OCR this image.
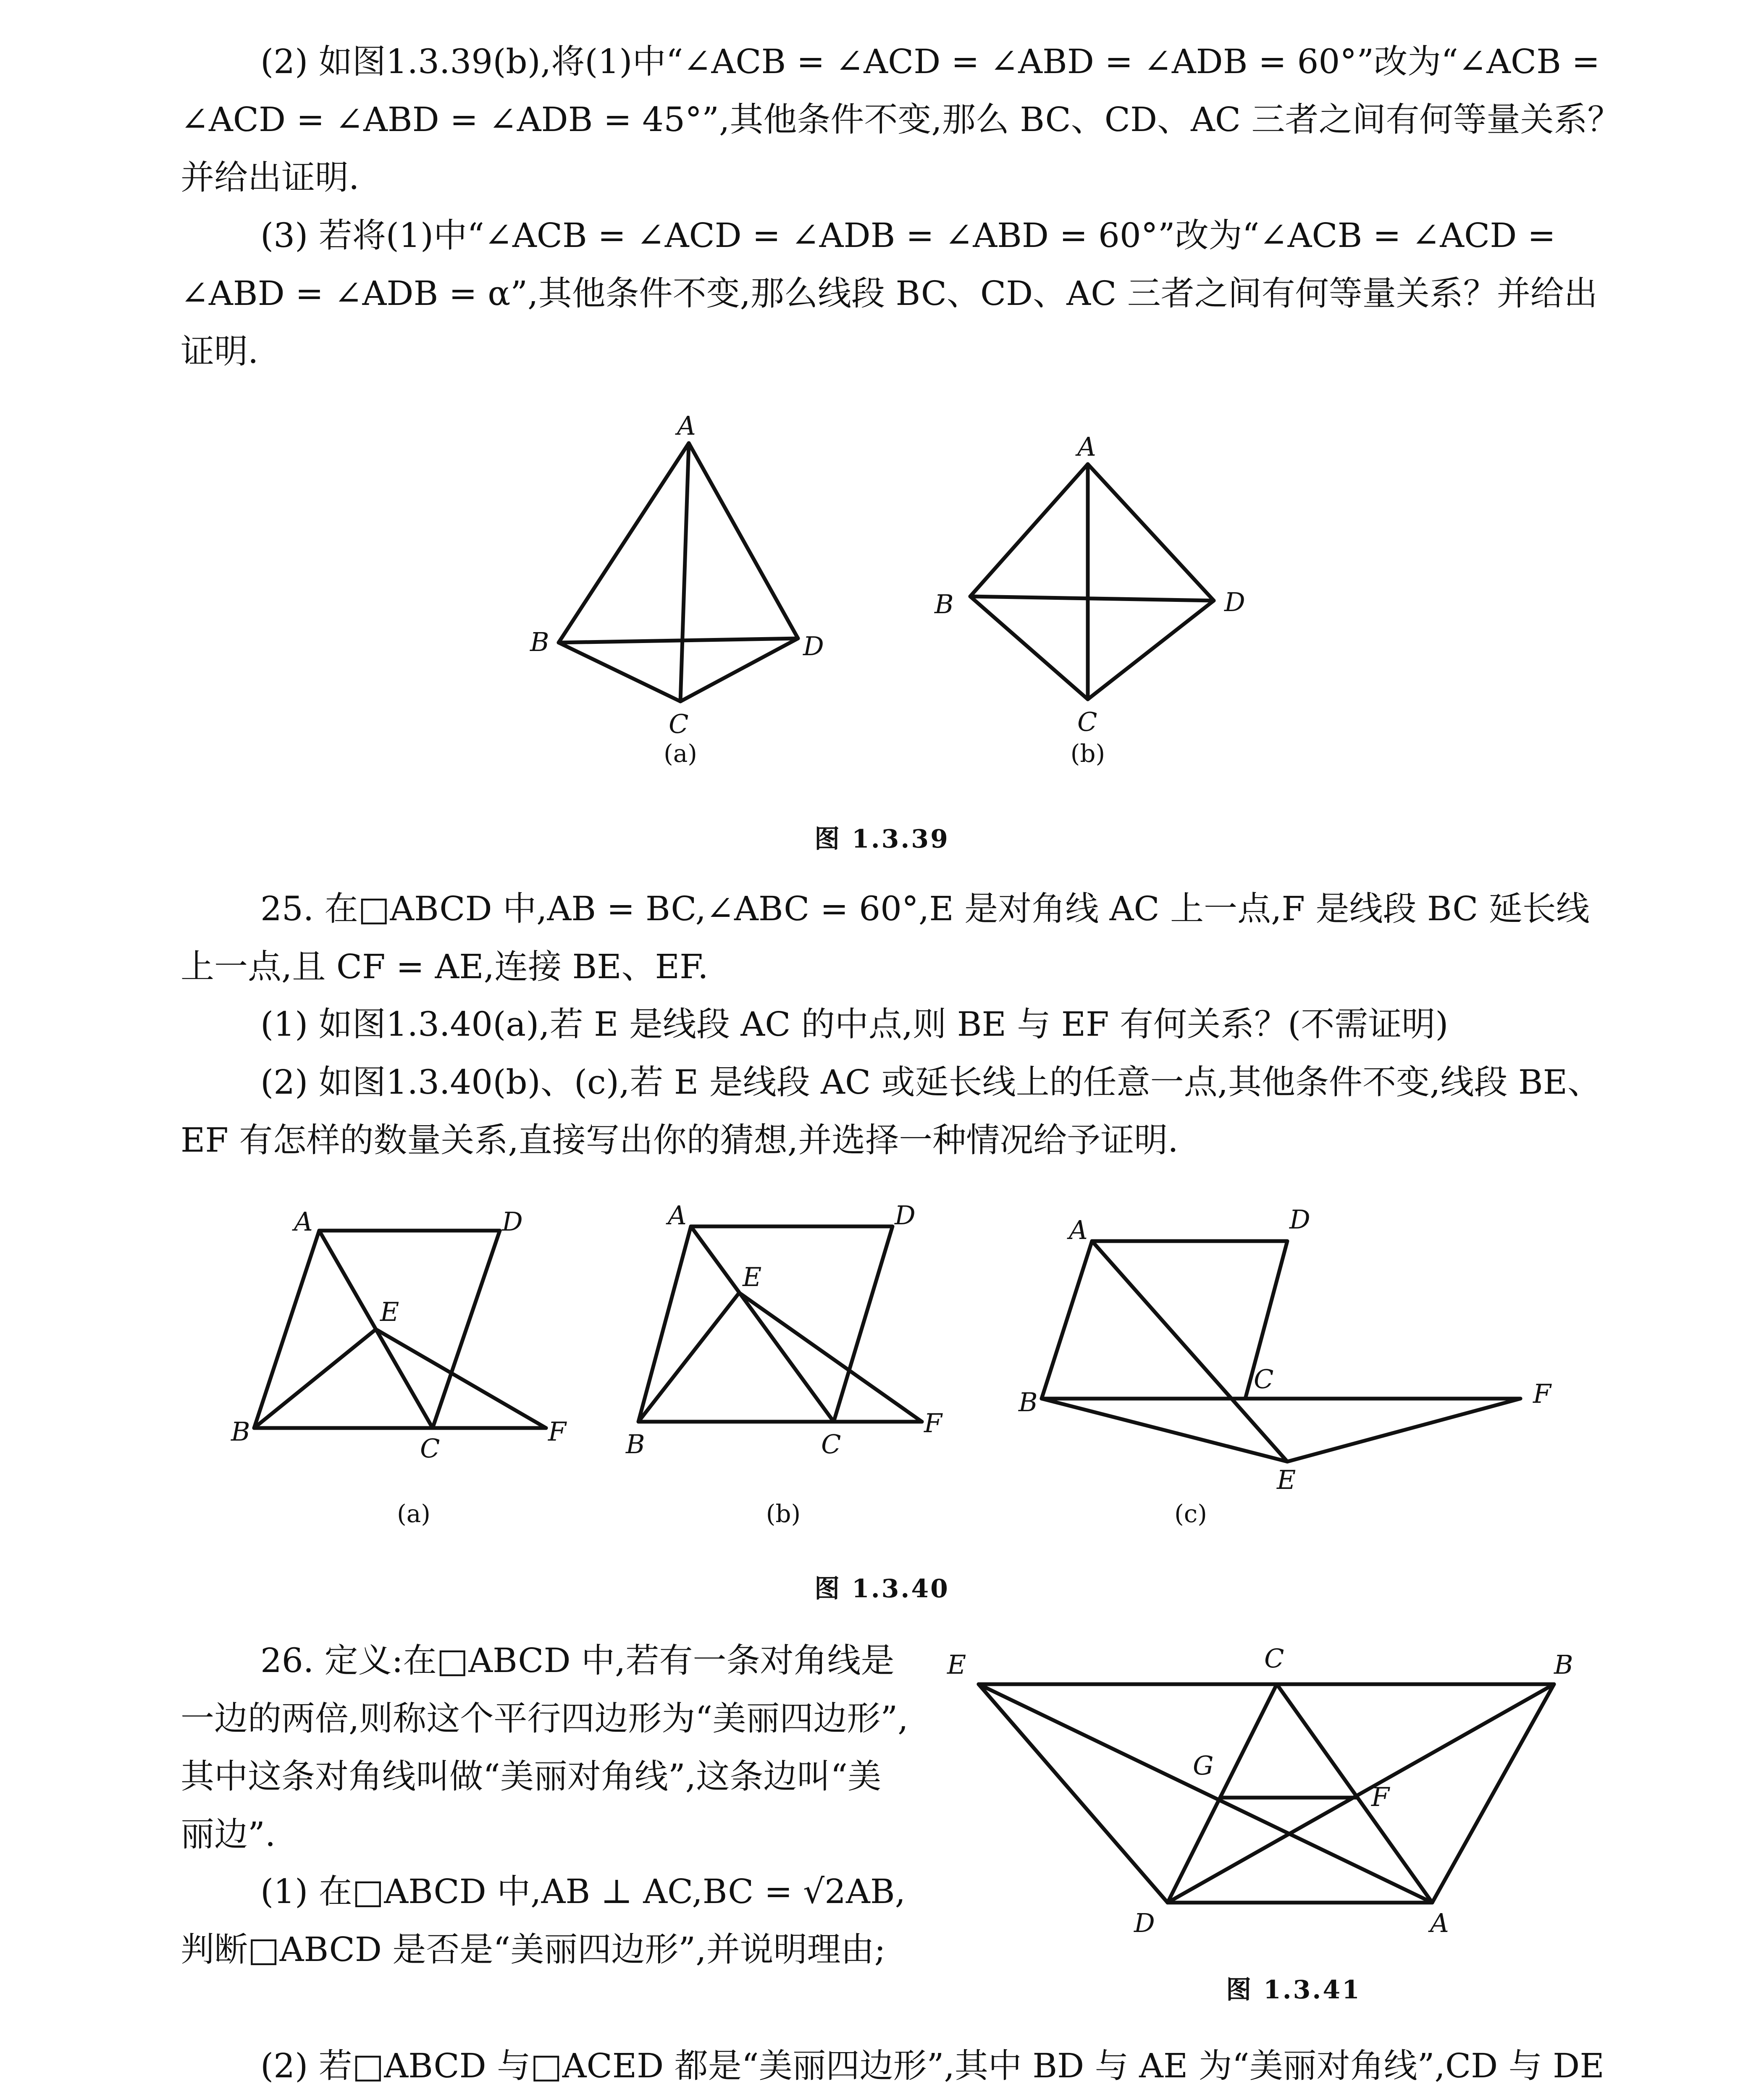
(2) 如图1.3.39(b),将(1)中“∠ACB = ∠ACD = ∠ABD = ∠ADB = 60°”改为“∠ACB = ∠ACD = ∠ABD = ∠ADB = 45°”,其他条件不变,那么 BC、CD、AC 三者之间有何等量关系？并给出证明.

(3) 若将(1)中“∠ACB = ∠ACD = ∠ADB = ∠ABD = 60°”改为“∠ACB = ∠ACD = ∠ABD = ∠ADB = α”,其他条件不变,那么线段 BC、CD、AC 三者之间有何等量关系？并给出证明.

A
B
C
D
A
B
C
D
(a)	(b)
图 1.3.39

25. 在□ABCD 中,AB = BC,∠ABC = 60°,E 是对角线 AC 上一点,F 是线段 BC 延长线上一点,且 CF = AE,连接 BE、EF.

(1) 如图1.3.40(a),若 E 是线段 AC 的中点,则 BE 与 EF 有何关系？(不需证明)

(2) 如图1.3.40(b)、(c),若 E 是线段 AC 或延长线上的任意一点,其他条件不变,线段 BE、EF 有怎样的数量关系,直接写出你的猜想,并选择一种情况给予证明.

A	D
E
B
C
F
A	D
E
B	C
F
A	D
C
B	F
E
(a)	(b)	(c)
图 1.3.40

26. 定义:在□ABCD 中,若有一条对角线是一边的两倍,则称这个平行四边形为“美丽四边形”,其中这条对角线叫做“美丽对角线”,这条边叫“美丽边”.

(1) 在□ABCD 中,AB ⊥ AC,BC = √2AB,判断□ABCD 是否是“美丽四边形”,并说明理由;

(2) 若□ABCD 与□ACED 都是“美丽四边形”,其中 BD 与 AE 为“美丽对角线”,CD 与 DE

E	C	B
G
F
D	A
图 1.3.41
